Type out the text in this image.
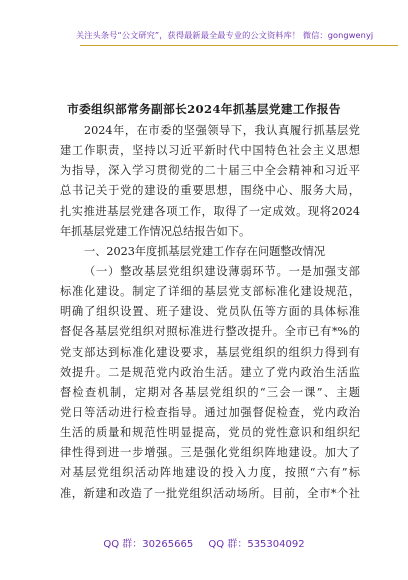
关注头条号“公文研究”，获得最新最全最专业的公文资料库！ 微信：gongwenyj
市委组织部常务副部长2024年抓基层党建工作报告
2024年，在市委的坚强领导下，我认真履行抓基层党
建工作职责，坚持以习近平新时代中国特色社会主义思想
为指导，深入学习贯彻党的二十届三中全会精神和习近平
总书记关于党的建设的重要思想，围绕中心、服务大局，
扎实推进基层党建各项工作，取得了一定成效。现将2024
年抓基层党建工作情况总结报告如下。
一、2023年度抓基层党建工作存在问题整改情况
（一）整改基层党组织建设薄弱环节。一是加强支部
标准化建设。制定了详细的基层党支部标准化建设规范，
明确了组织设置、班子建设、党员队伍等方面的具体标准
督促各基层党组织对照标准进行整改提升。全市已有*%的
党支部达到标准化建设要求，基层党组织的组织力得到有
效提升。二是规范党内政治生活。建立了党内政治生活监
督检查机制，定期对各基层党组织的“三会一课”、主题
党日等活动进行检查指导。通过加强督促检查，党内政治
生活的质量和规范性明显提高，党员的党性意识和组织纪
律性得到进一步增强。三是强化党组织阵地建设。加大了
对基层党组织活动阵地建设的投入力度，按照“六有”标
准，新建和改造了一批党组织活动场所。目前，全市*个社
QQ 群：30265665 QQ 群：535304092
